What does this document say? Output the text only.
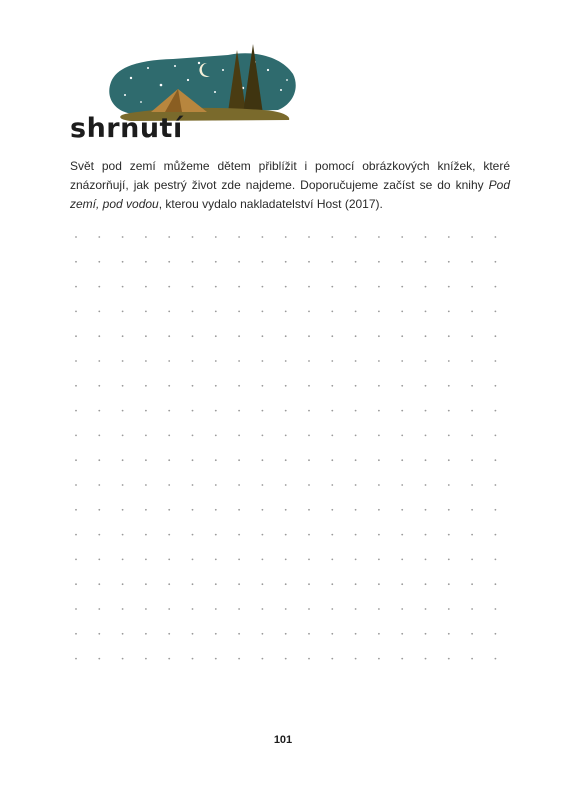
shrnutí

Svět pod zemí můžeme dětem přiblížit i pomocí obrázkových knížek, které znázorňují, jak pestrý život zde najdeme. Doporučujeme začíst se do knihy Pod zemí, pod vodou, kterou vydalo nakladatelství Host (2017).

101
